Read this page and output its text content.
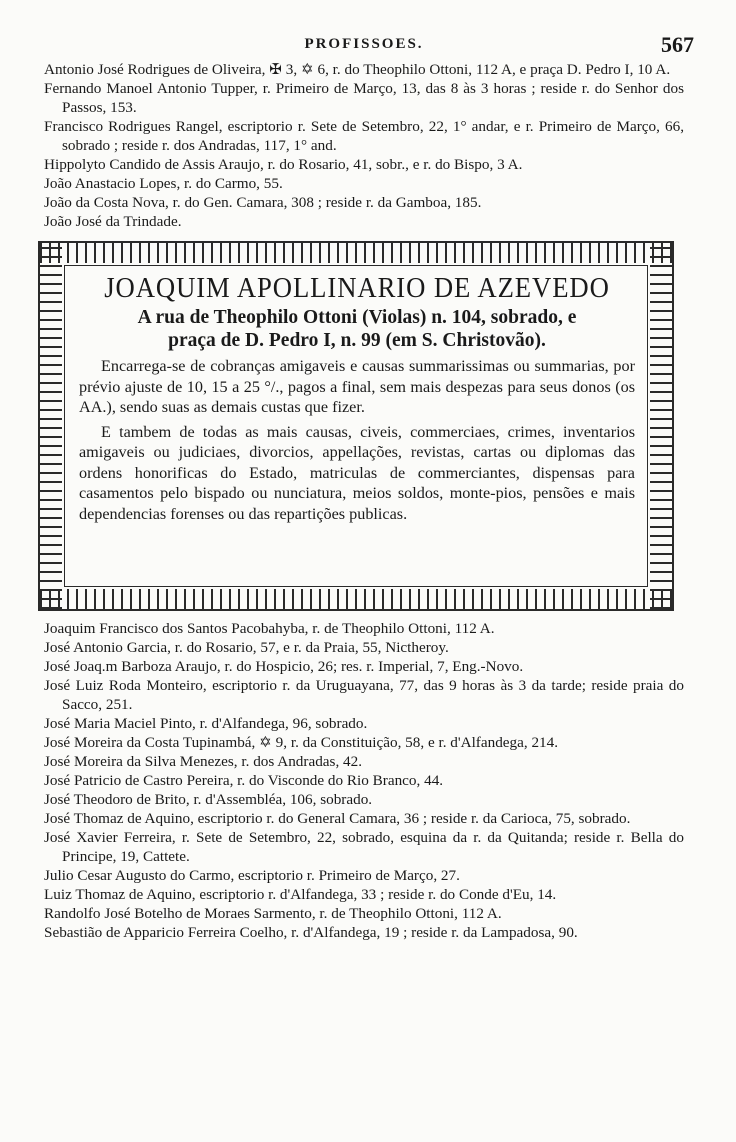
PROFISSOES.	567
Antonio José Rodrigues de Oliveira, ✠ 3, ✡ 6, r. do Theophilo Ottoni, 112 A, e praça D. Pedro I, 10 A.
Fernando Manoel Antonio Tupper, r. Primeiro de Março, 13, das 8 às 3 horas ; reside r. do Senhor dos Passos, 153.
Francisco Rodrigues Rangel, escriptorio r. Sete de Setembro, 22, 1° andar, e r. Primeiro de Março, 66, sobrado ; reside r. dos Andradas, 117, 1° and.
Hippolyto Candido de Assis Araujo, r. do Rosario, 41, sobr., e r. do Bispo, 3 A.
João Anastacio Lopes, r. do Carmo, 55.
João da Costa Nova, r. do Gen. Camara, 308 ; reside r. da Gamboa, 185.
João José da Trindade.
JOAQUIM APOLLINARIO DE AZEVEDO
A rua de Theophilo Ottoni (Violas) n. 104, sobrado, e
praça de D. Pedro I, n. 99 (em S. Christovão).
Encarrega-se de cobranças amigaveis e causas summarissimas ou summarias, por prévio ajuste de 10, 15 a 25 °/., pagos a final, sem mais despezas para seus donos (os AA.), sendo suas as demais custas que fizer.
E tambem de todas as mais causas, civeis, commerciaes, crimes, inventarios amigaveis ou judiciaes, divorcios, appellações, revistas, cartas ou diplomas das ordens honorificas do Estado, matriculas de commerciantes, dispensas para casamentos pelo bispado ou nunciatura, meios soldos, monte-pios, pensões e mais dependencias forenses ou das repartições publicas.
Joaquim Francisco dos Santos Pacobahyba, r. de Theophilo Ottoni, 112 A.
José Antonio Garcia, r. do Rosario, 57, e r. da Praia, 55, Nictheroy.
José Joaq.m Barboza Araujo, r. do Hospicio, 26; res. r. Imperial, 7, Eng.-Novo.
José Luiz Roda Monteiro, escriptorio r. da Uruguayana, 77, das 9 horas às 3 da tarde; reside praia do Sacco, 251.
José Maria Maciel Pinto, r. d'Alfandega, 96, sobrado.
José Moreira da Costa Tupinambá, ✡ 9, r. da Constituição, 58, e r. d'Alfandega, 214.
José Moreira da Silva Menezes, r. dos Andradas, 42.
José Patricio de Castro Pereira, r. do Visconde do Rio Branco, 44.
José Theodoro de Brito, r. d'Assembléa, 106, sobrado.
José Thomaz de Aquino, escriptorio r. do General Camara, 36 ; reside r. da Carioca, 75, sobrado.
José Xavier Ferreira, r. Sete de Setembro, 22, sobrado, esquina da r. da Quitanda; reside r. Bella do Principe, 19, Cattete.
Julio Cesar Augusto do Carmo, escriptorio r. Primeiro de Março, 27.
Luiz Thomaz de Aquino, escriptorio r. d'Alfandega, 33 ; reside r. do Conde d'Eu, 14.
Randolfo José Botelho de Moraes Sarmento, r. de Theophilo Ottoni, 112 A.
Sebastião de Apparicio Ferreira Coelho, r. d'Alfandega, 19 ; reside r. da Lampadosa, 90.
